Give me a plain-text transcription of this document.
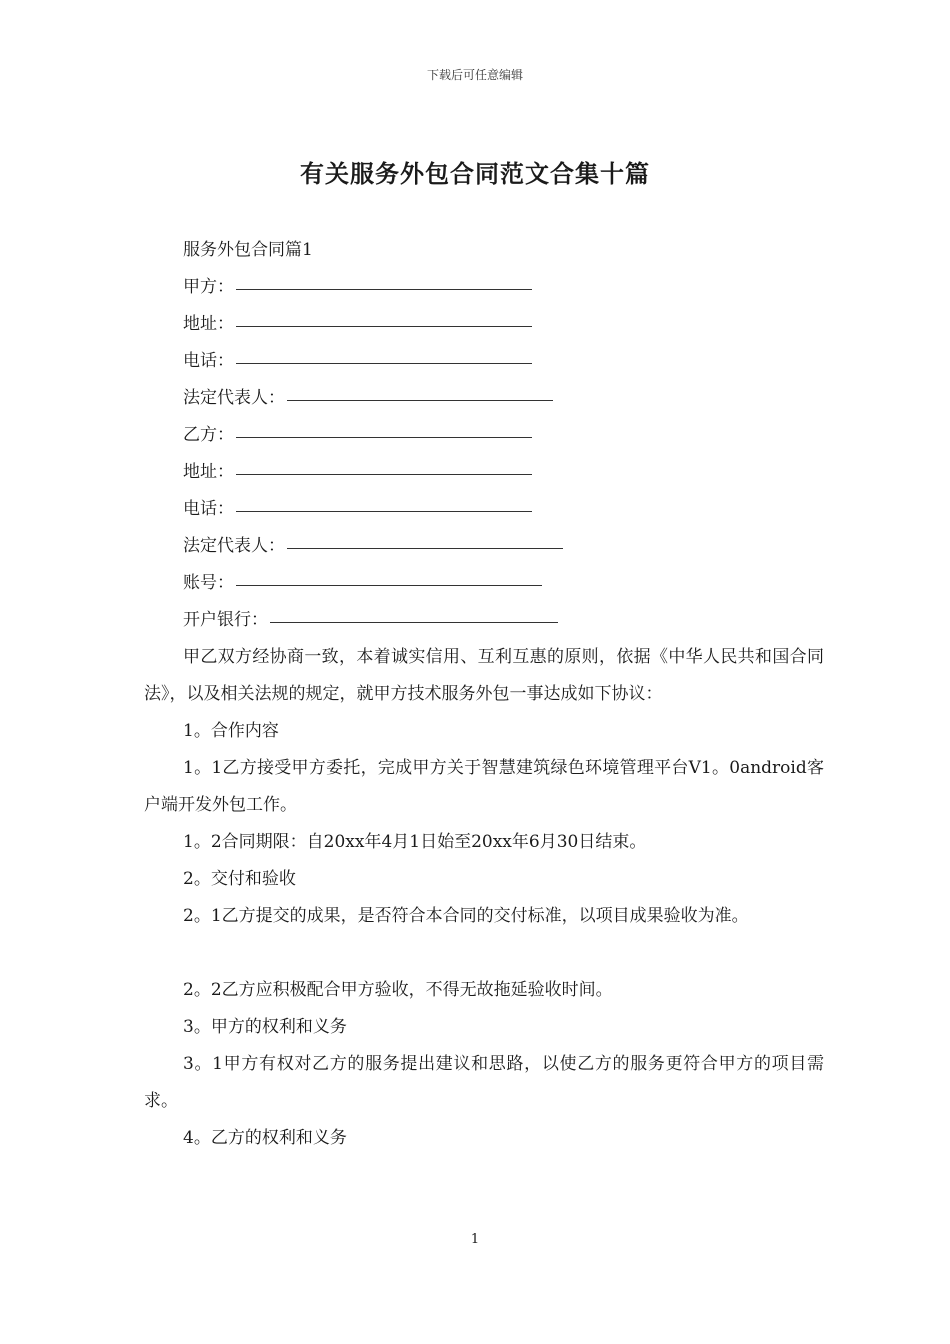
下载后可任意编辑
有关服务外包合同范文合集十篇
服务外包合同篇1
甲方：
地址：
电话：
法定代表人：
乙方：
地址：
电话：
法定代表人：
账号：
开户银行：

甲乙双方经协商一致，本着诚实信用、互利互惠的原则，依据《中华人民共和国合同法》，以及相关法规的规定，就甲方技术服务外包一事达成如下协议：

1。合作内容

1。1乙方接受甲方委托，完成甲方关于智慧建筑绿色环境管理平台V1。0android客户端开发外包工作。

1。2合同期限：自20xx年4月1日始至20xx年6月30日结束。

2。交付和验收

2。1乙方提交的成果，是否符合本合同的交付标准，以项目成果验收为准。

2。2乙方应积极配合甲方验收，不得无故拖延验收时间。

3。甲方的权利和义务

3。1甲方有权对乙方的服务提出建议和思路，以使乙方的服务更符合甲方的项目需求。

4。乙方的权利和义务

1
